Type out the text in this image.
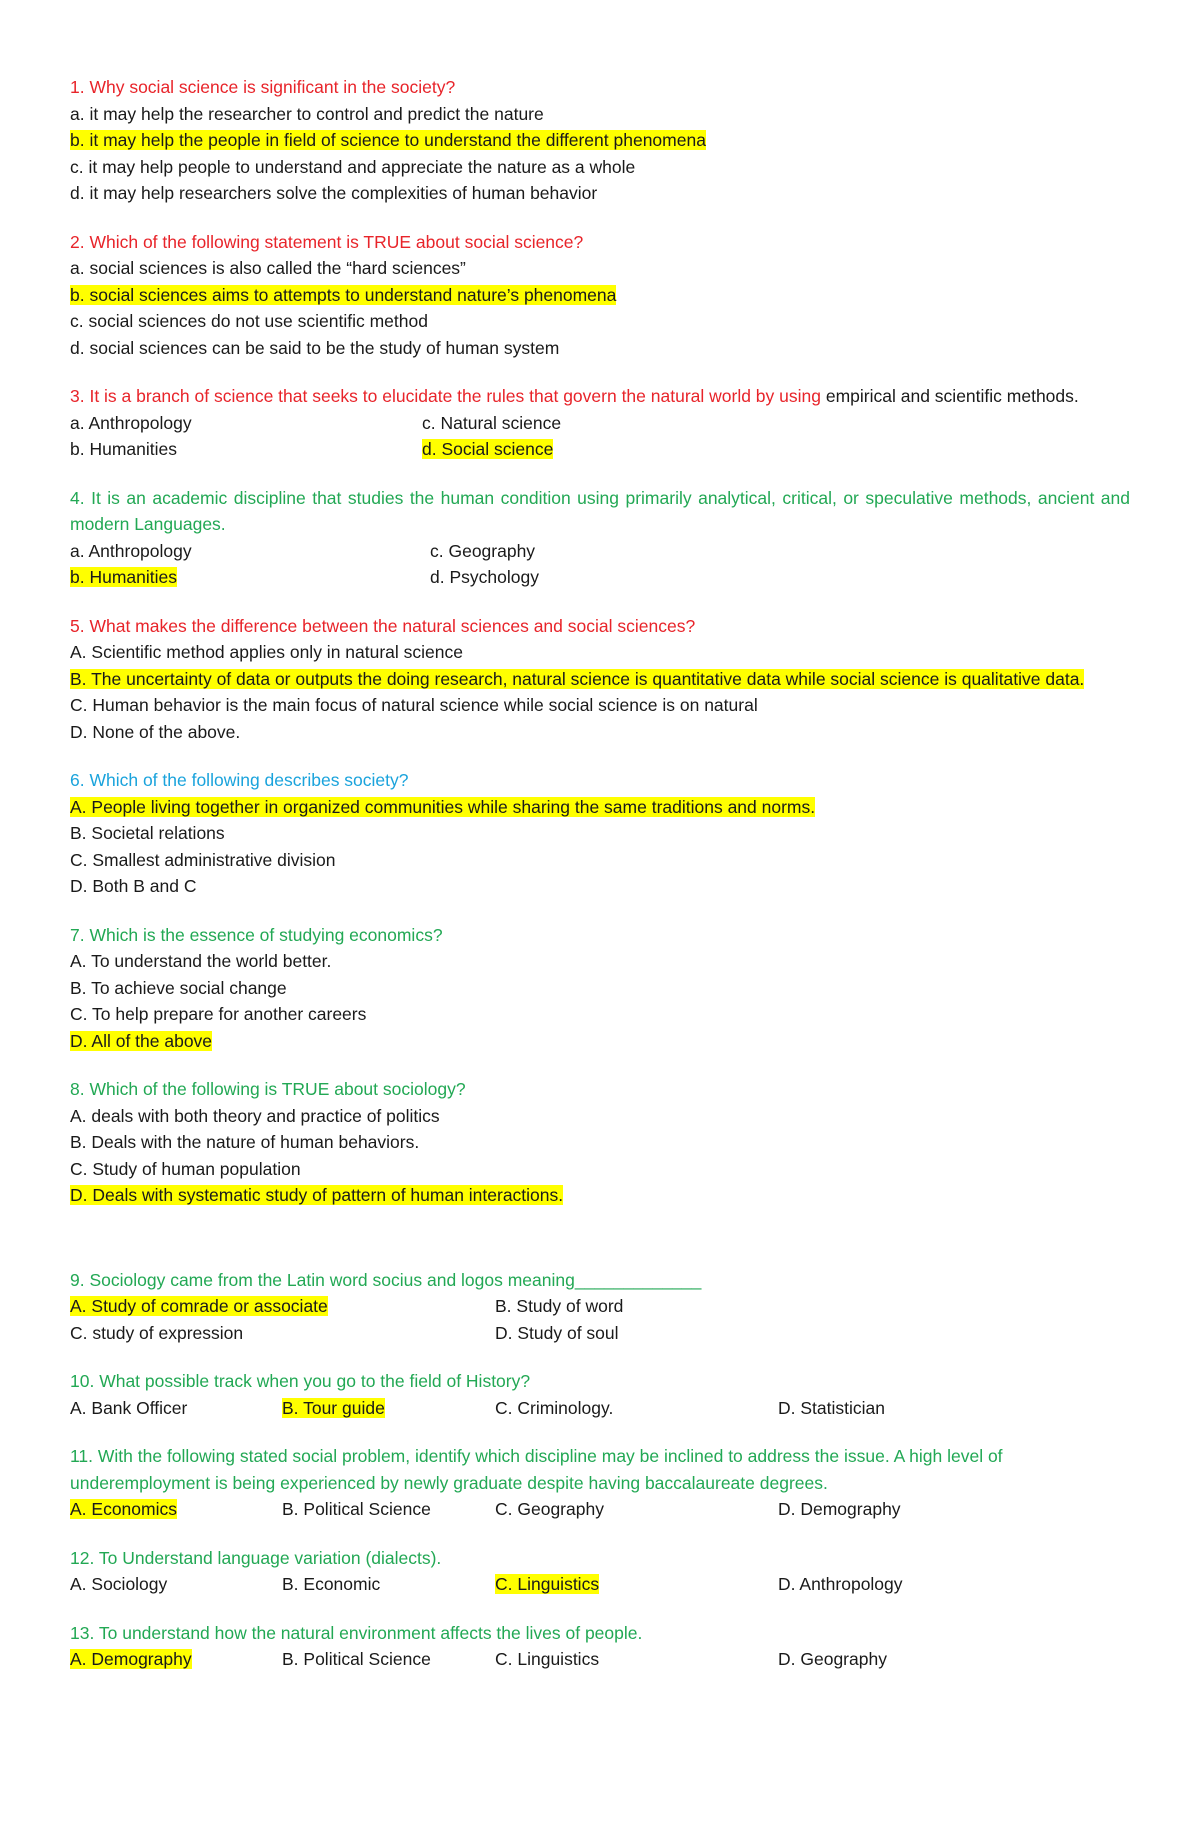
1. Why social science is significant in the society?
a. it may help the researcher to control and predict the nature
b. it may help the people in field of science to understand the different phenomena
c. it may help people to understand and appreciate the nature as a whole
d. it may help researchers solve the complexities of human behavior
2. Which of the following statement is TRUE about social science?
a. social sciences is also called the “hard sciences”
b. social sciences aims to attempts to understand nature’s phenomena
c. social sciences do not use scientific method
d. social sciences can be said to be the study of human system
3. It is a branch of science that seeks to elucidate the rules that govern the natural world by using empirical and scientific methods.
a. Anthropology	c. Natural science
b. Humanities	d. Social science
4. It is an academic discipline that studies the human condition using primarily analytical, critical, or speculative methods, ancient and modern Languages.
a. Anthropology	c. Geography
b. Humanities	d. Psychology
5. What makes the difference between the natural sciences and social sciences?
A. Scientific method applies only in natural science
B. The uncertainty of data or outputs the doing research, natural science is quantitative data while social science is qualitative data.
C. Human behavior is the main focus of natural science while social science is on natural
D. None of the above.
6. Which of the following describes society?
A. People living together in organized communities while sharing the same traditions and norms.
B. Societal relations
C. Smallest administrative division
D. Both B and C
7. Which is the essence of studying economics?
A. To understand the world better.
B. To achieve social change
C. To help prepare for another careers
D. All of the above
8. Which of the following is TRUE about sociology?
A. deals with both theory and practice of politics
B. Deals with the nature of human behaviors.
C. Study of human population
D. Deals with systematic study of pattern of human interactions.
9. Sociology came from the Latin word socius and logos meaning_____________
A. Study of comrade or associate	B. Study of word
C. study of expression	D. Study of soul
10. What possible track when you go to the field of History?
A. Bank Officer	B. Tour guide	C. Criminology.	D. Statistician
11. With the following stated social problem, identify which discipline may be inclined to address the issue. A high level of underemployment is being experienced by newly graduate despite having baccalaureate degrees.
A. Economics	B. Political Science	C. Geography	D. Demography
12. To Understand language variation (dialects).
A. Sociology	B. Economic	C. Linguistics	D. Anthropology
13. To understand how the natural environment affects the lives of people.
A. Demography	B. Political Science	C. Linguistics	D. Geography
